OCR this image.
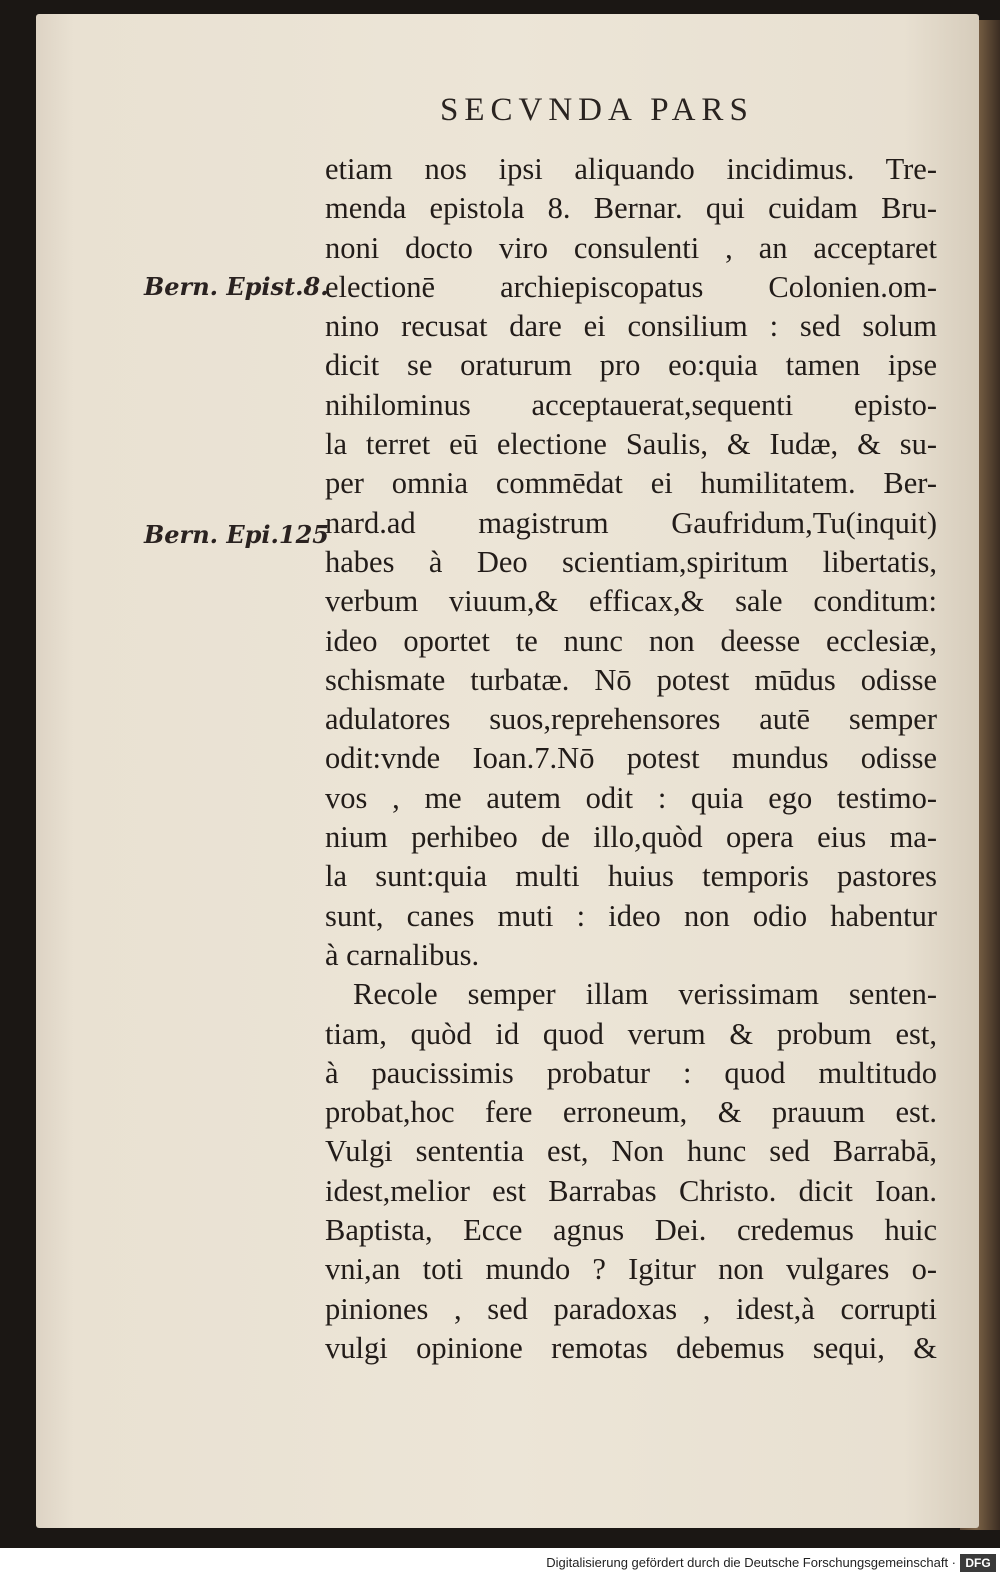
SECVNDA PARS
Bern. Epist.8.
Bern. Epi.125
etiam nos ipsi aliquando incidimus. Tre-
menda epistola 8. Bernar. qui cuidam Bru-
noni docto viro consulenti , an acceptaret
electionē archiepiscopatus Colonien.om-
nino recusat dare ei consilium : sed solum
dicit se oraturum pro eo:quia tamen ipse
nihilominus acceptauerat,sequenti episto-
la terret eū electione Saulis, & Iudæ, & su-
per omnia commēdat ei humilitatem. Ber-
nard.ad magistrum Gaufridum,Tu(inquit)
habes à Deo scientiam,spiritum libertatis,
verbum viuum,& efficax,& sale conditum:
ideo oportet te nunc non deesse ecclesiæ,
schismate turbatæ. Nō potest mūdus odisse
adulatores suos,reprehensores autē semper
odit:vnde Ioan.7.Nō potest mundus odisse
vos , me autem odit : quia ego testimo-
nium perhibeo de illo,quòd opera eius ma-
la sunt:quia multi huius temporis pastores
sunt, canes muti : ideo non odio habentur
à carnalibus.
Recole semper illam verissimam senten-
tiam, quòd id quod verum & probum est,
à paucissimis probatur : quod multitudo
probat,hoc fere erroneum, & prauum est.
Vulgi sententia est, Non hunc sed Barrabā,
idest,melior est Barrabas Christo. dicit Ioan.
Baptista, Ecce agnus Dei. credemus huic
vni,an toti mundo ? Igitur non vulgares o-
piniones , sed paradoxas , idest,à corrupti
vulgi opinione remotas debemus sequi, &
Digitalisierung gefördert durch die Deutsche Forschungsgemeinschaft · DFG
